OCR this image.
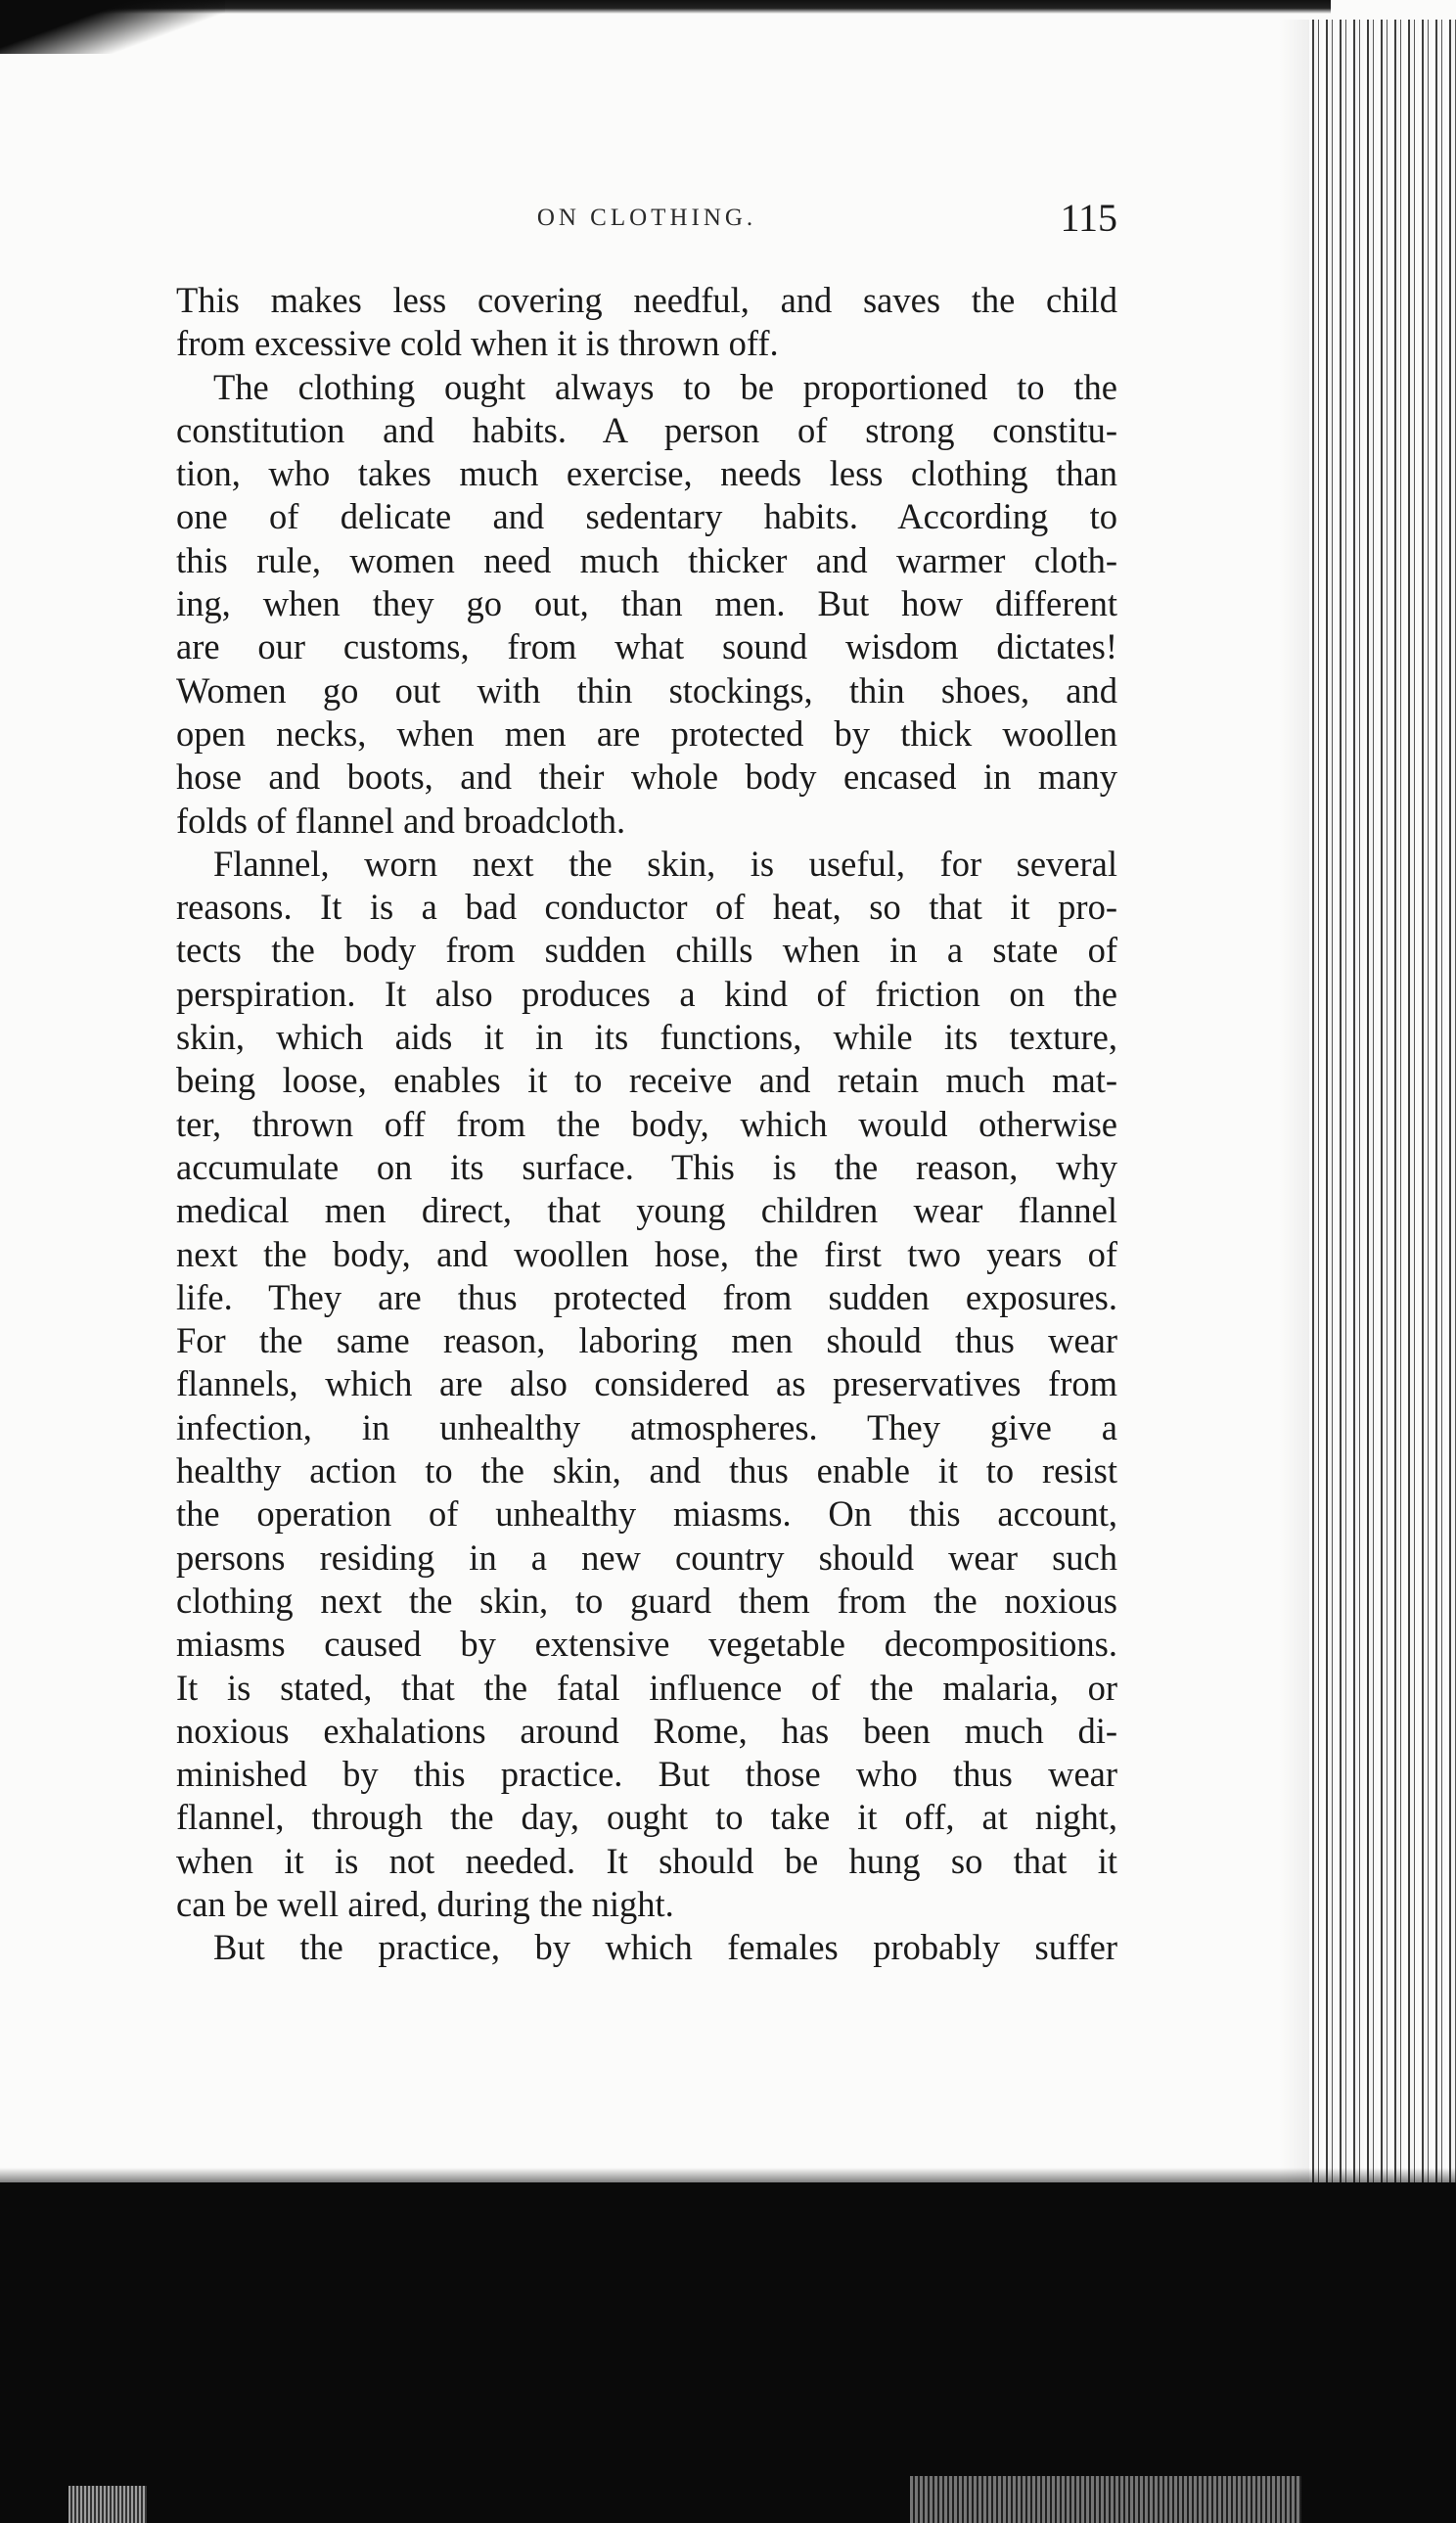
ON CLOTHING.	115
This makes less covering needful, and saves the child
from excessive cold when it is thrown off.
The clothing ought always to be proportioned to the
constitution and habits. A person of strong constitu-
tion, who takes much exercise, needs less clothing than
one of delicate and sedentary habits. According to
this rule, women need much thicker and warmer cloth-
ing, when they go out, than men. But how different
are our customs, from what sound wisdom dictates!
Women go out with thin stockings, thin shoes, and
open necks, when men are protected by thick woollen
hose and boots, and their whole body encased in many
folds of flannel and broadcloth.
Flannel, worn next the skin, is useful, for several
reasons. It is a bad conductor of heat, so that it pro-
tects the body from sudden chills when in a state of
perspiration. It also produces a kind of friction on the
skin, which aids it in its functions, while its texture,
being loose, enables it to receive and retain much mat-
ter, thrown off from the body, which would otherwise
accumulate on its surface. This is the reason, why
medical men direct, that young children wear flannel
next the body, and woollen hose, the first two years of
life. They are thus protected from sudden exposures.
For the same reason, laboring men should thus wear
flannels, which are also considered as preservatives from
infection, in unhealthy atmospheres. They give a
healthy action to the skin, and thus enable it to resist
the operation of unhealthy miasms. On this account,
persons residing in a new country should wear such
clothing next the skin, to guard them from the noxious
miasms caused by extensive vegetable decompositions.
It is stated, that the fatal influence of the malaria, or
noxious exhalations around Rome, has been much di-
minished by this practice. But those who thus wear
flannel, through the day, ought to take it off, at night,
when it is not needed. It should be hung so that it
can be well aired, during the night.
But the practice, by which females probably suffer
